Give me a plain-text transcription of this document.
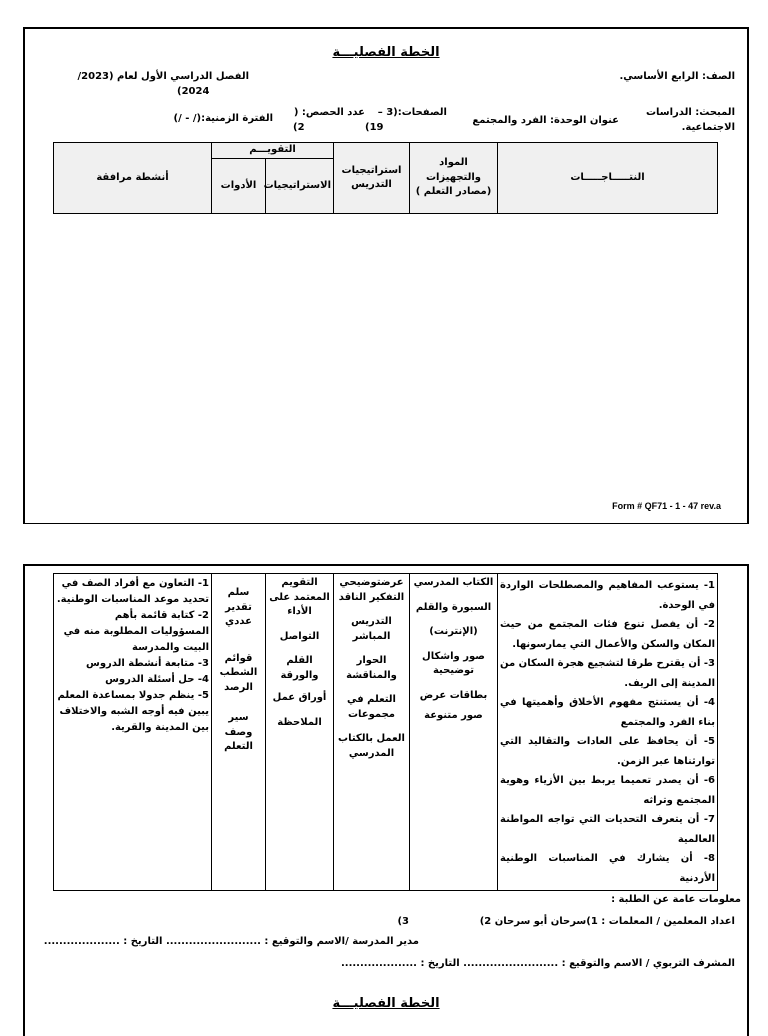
الخطة الفصليـــة
الصف: الرابع الأساسي.
الفصل الدراسي الأول لعام (2023/
2024)
المبحث: الدراسات
الاجتماعية.
عنوان الوحدة: الفرد والمجتمع
الصفحات:(3 –
19)
عدد الحصص: (
2)
الفترة الزمنية:(/ - /)
النتـــــاجـــــات	المواد والتجهيزات (مصادر التعلم )	استراتيجيات التدريس	التقويـــم		أنشطة مرافقة
			الاستراتيجيات	الأدوات	
Form # QF71 - 1 - 47 rev.a
1- يستوعب المفاهيم والمصطلحات الواردة في الوحدة.
2- أن يفصل تنوع فئات المجتمع من حيث المكان والسكن والأعمال التي يمارسونها.
3- أن يقترح طرقا لتشجيع هجرة السكان من المدينة إلى الريف.
4- أن يستنتج مفهوم الأخلاق وأهميتها في بناء الفرد والمجتمع
5- أن يحافظ على العادات والتقاليد التي توارثناها عبر الزمن.
6- أن يصدر تعميما يربط بين الأزياء وهوية المجتمع وتراثه
7- أن يتعرف التحديات التي تواجه المواطنة العالمية
8- أن يشارك في المناسبات الوطنية الأردنية

الكتاب المدرسي
السبورة والقلم
(الإنترنت)
صور واشكال توضيحية
بطاقات عرض
صور متنوعة

عرضتوضيحي
التفكير الناقد
التدريس المباشر
الحوار والمناقشة
التعلم في مجموعات
العمل بالكتاب المدرسي

التقويم المعتمد على الأداء
التواصل
القلم والورقة
أوراق عمل
الملاحظة

سلم تقدير عددي
قوائم الشطب الرصد
سير وصف التعلم

1- التعاون مع أفراد الصف في تحديد موعد المناسبات الوطنية.
2- كتابة قائمة بأهم المسؤوليات المطلوبة منه في البيت والمدرسة
3- متابعة أنشطة الدروس
4- حل أسئلة الدروس
5- ينظم جدولا بمساعدة المعلم يبين فيه أوجه الشبه والاختلاف بين المدينة والقرية.
معلومات عامة عن الطلبة :
اعداد المعلمين / المعلمات : 1)سرحان أبو سرحان 2)
3)
مدير المدرسة /الاسم والتوقيع : ......................... التاريخ : ....................
المشرف التربوي / الاسم والتوقيع : ......................... التاريخ : ....................
الخطة الفصليـــة
